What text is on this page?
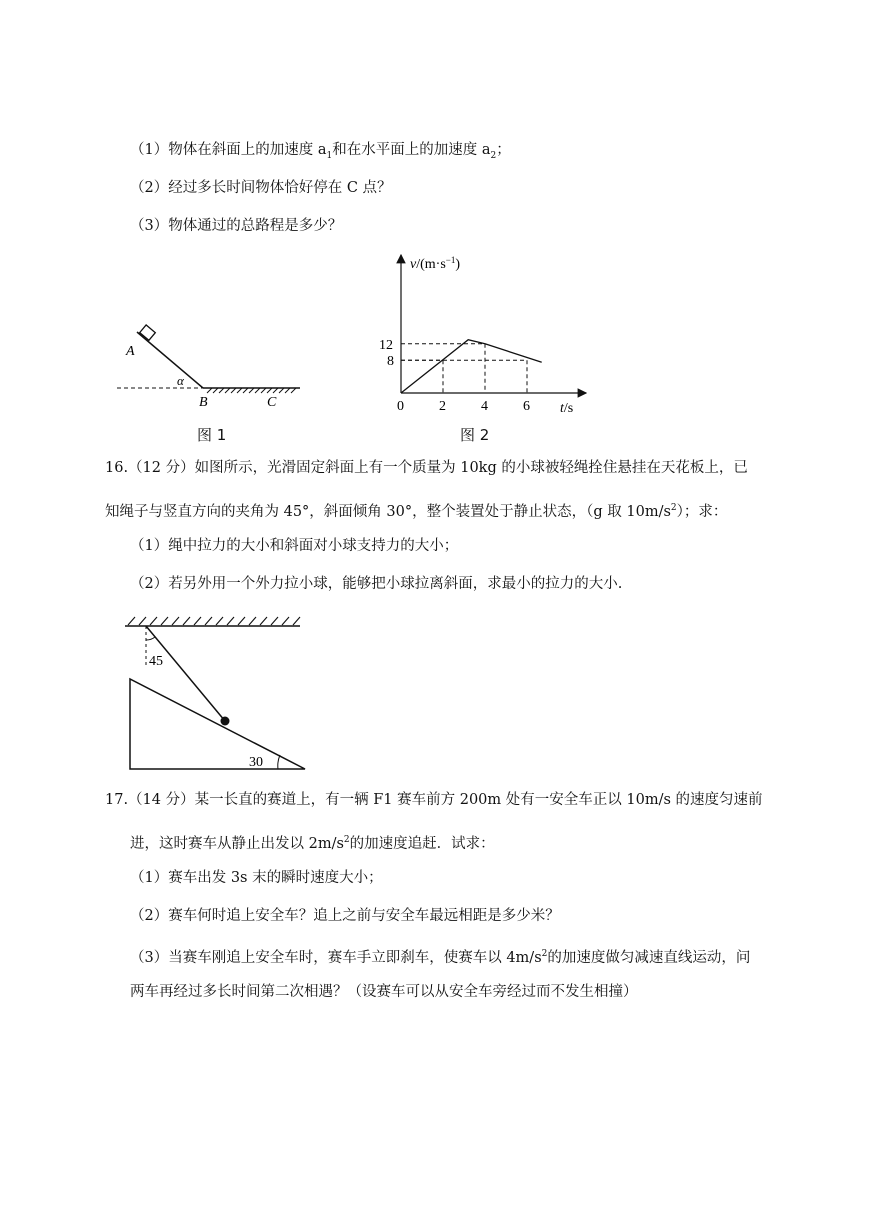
（1）物体在斜面上的加速度 $a_1$和在水平面上的加速度 $a_2$；
（2）经过多长时间物体恰好停在 C 点？
（3）物体通过的总路程是多少？
A
α
B	C
图 1
$v/(m\cdot s^{-1})$
t/s
0	2	4	6
8
12
图 2
16.（12 分）如图所示，光滑固定斜面上有一个质量为 10kg 的小球被轻绳拴住悬挂在天花板上，已
知绳子与竖直方向的夹角为 45°，斜面倾角 30°，整个装置处于静止状态，（g 取 $10m/s^2$）；求：
（1）绳中拉力的大小和斜面对小球支持力的大小；
（2）若另外用一个外力拉小球，能够把小球拉离斜面，求最小的拉力的大小.
45
30
17.（14 分）某一长直的赛道上，有一辆 F1 赛车前方 200m 处有一安全车正以 10m/s 的速度匀速前
进，这时赛车从静止出发以 $2m/s^2$的加速度追赶．试求：
（1）赛车出发 3s 末的瞬时速度大小；
（2）赛车何时追上安全车？追上之前与安全车最远相距是多少米？
（3）当赛车刚追上安全车时，赛车手立即刹车，使赛车以 $4m/s^2$的加速度做匀减速直线运动，问
两车再经过多长时间第二次相遇？（设赛车可以从安全车旁经过而不发生相撞）
